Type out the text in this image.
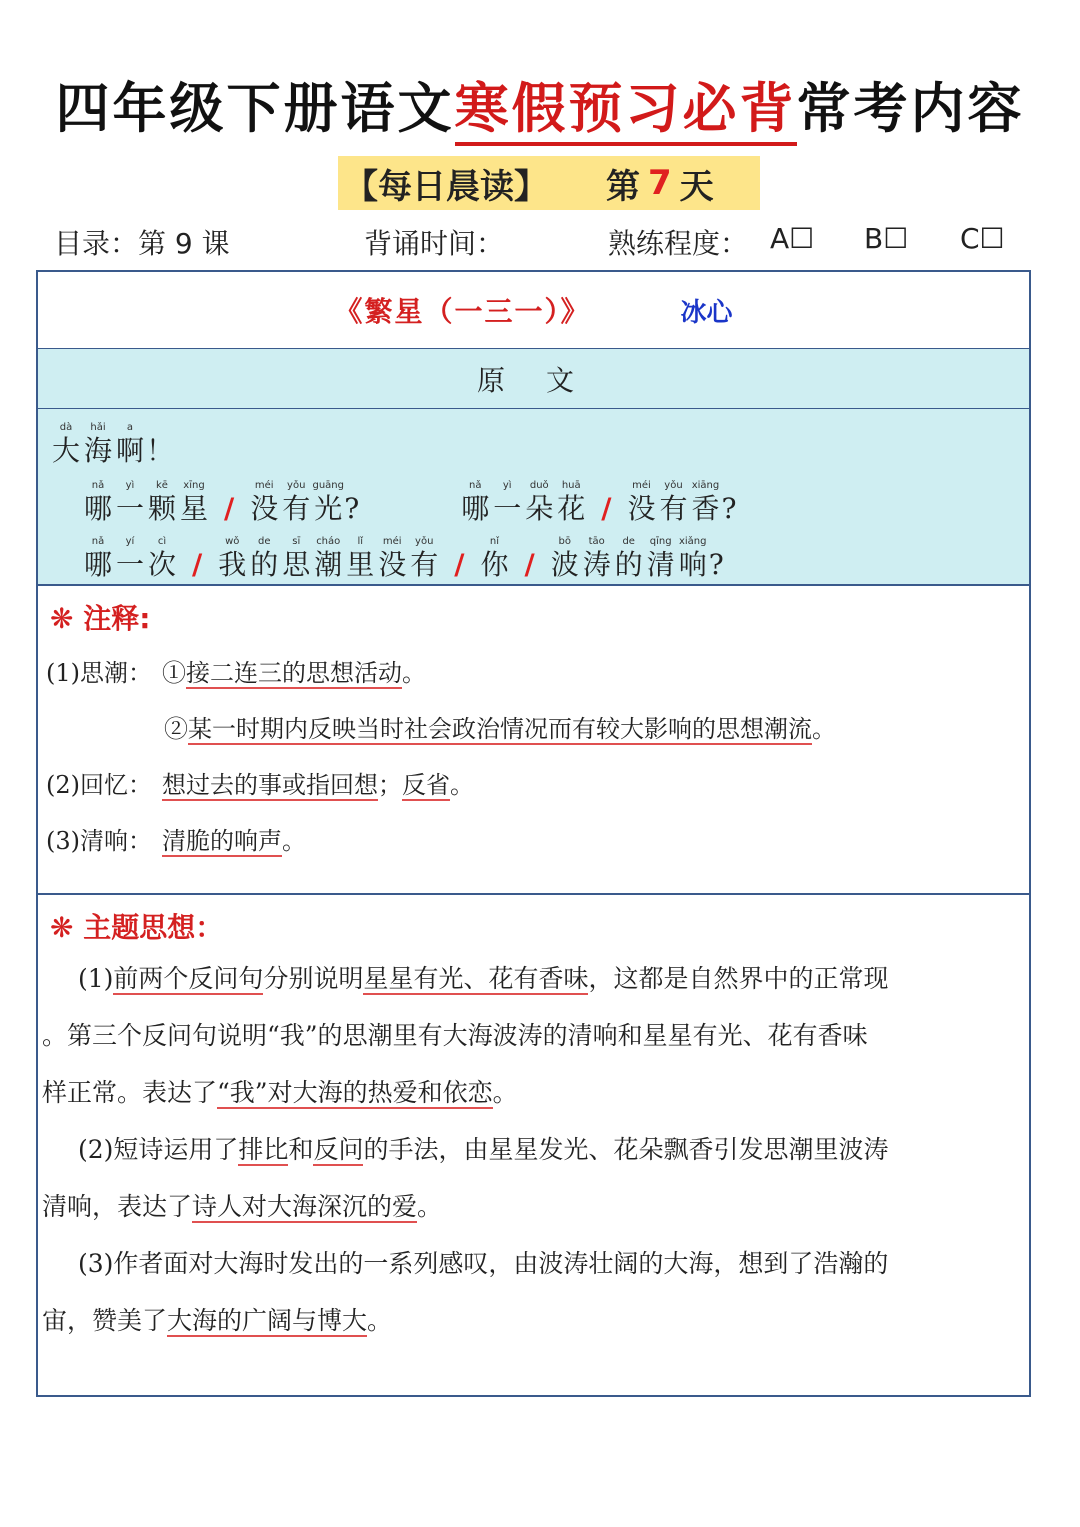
四年级下册语文寒假预习必背常考内容
【每日晨读】 第 7 天
目录：第 9 课	背诵时间：	熟练程度： A☐ B☐ C☐
《繁星（一三一）》	冰心
原 文
dà
大
hǎi
海
a
啊 ！
nǎ
哪
yì
一
kē
颗
xīng
星 /
méi
没
yǒu
有
guāng
光 ?
nǎ
哪
yì
一
duǒ
朵
huā
花 /
méi
没
yǒu
有
xiāng
香 ?
nǎ
哪
yí
一
cì
次 /
wǒ
我
de
的
sī
思
cháo
潮
lǐ
里
méi
没
yǒu
有 /
nǐ
你 /
bō
波
tāo
涛
de
的
qīng
清
xiǎng
响 ?
❋ 注释:
(1)思潮： ①接二连三的思想活动。
②某一时期内反映当时社会政治情况而有较大影响的思想潮流。
(2)回忆： 想过去的事或指回想；反省。
(3)清响： 清脆的响声。
❋ 主题思想：
(1)前两个反问句分别说明星星有光、花有香味，这都是自然界中的正常现
。第三个反问句说明“我”的思潮里有大海波涛的清响和星星有光、花有香味
样正常。表达了“我”对大海的热爱和依恋。
(2)短诗运用了排比和反问的手法，由星星发光、花朵飘香引发思潮里波涛
清响，表达了诗人对大海深沉的爱。
(3)作者面对大海时发出的一系列感叹，由波涛壮阔的大海，想到了浩瀚的
宙，赞美了大海的广阔与博大。
